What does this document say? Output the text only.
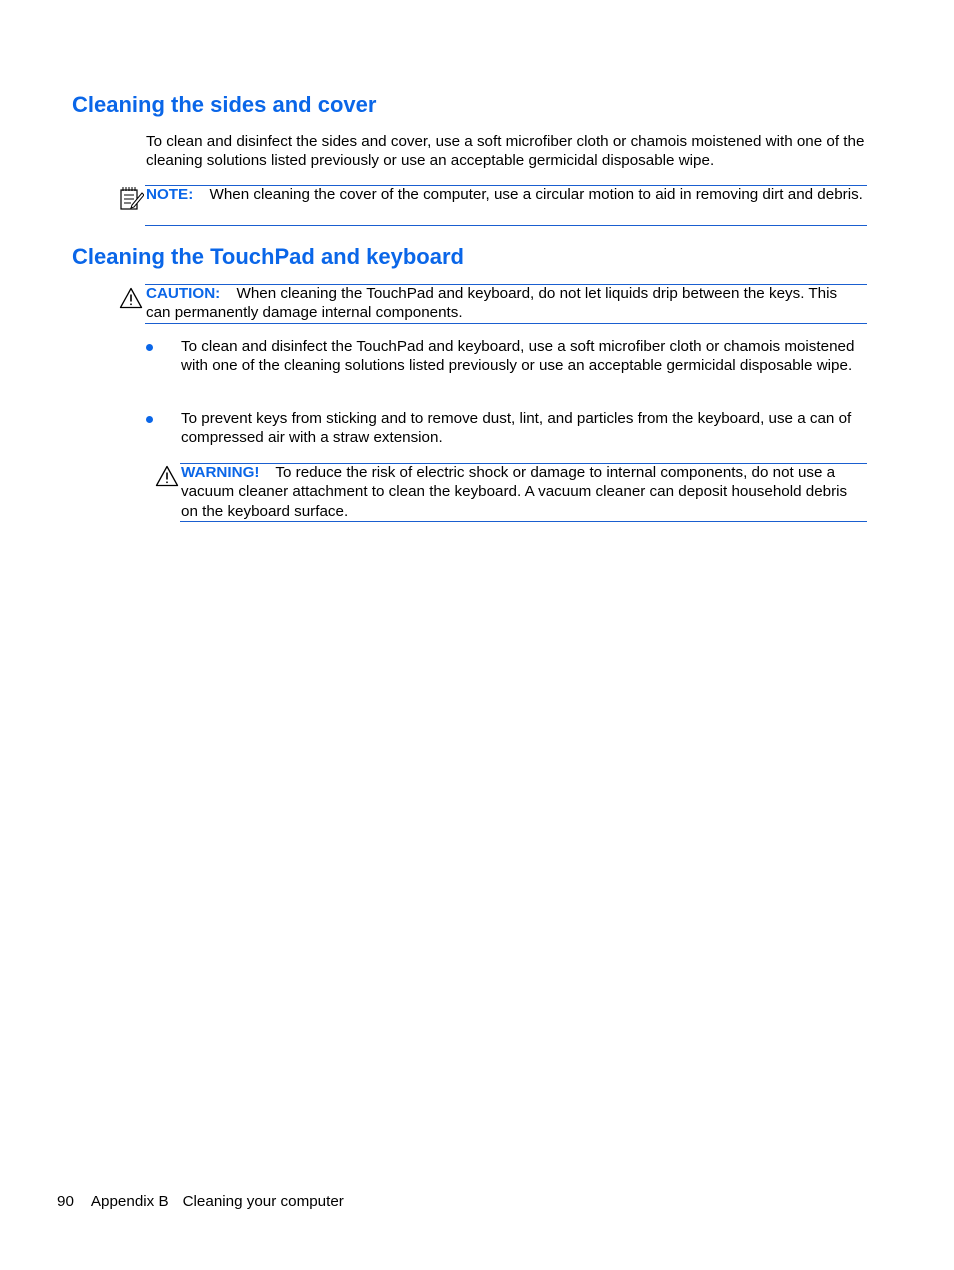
Cleaning the sides and cover
To clean and disinfect the sides and cover, use a soft microfiber cloth or chamois moistened with one of the cleaning solutions listed previously or use an acceptable germicidal disposable wipe.
NOTE: When cleaning the cover of the computer, use a circular motion to aid in removing dirt and debris.
Cleaning the TouchPad and keyboard
CAUTION: When cleaning the TouchPad and keyboard, do not let liquids drip between the keys. This can permanently damage internal components.
To clean and disinfect the TouchPad and keyboard, use a soft microfiber cloth or chamois moistened with one of the cleaning solutions listed previously or use an acceptable germicidal disposable wipe.
To prevent keys from sticking and to remove dust, lint, and particles from the keyboard, use a can of compressed air with a straw extension.
WARNING! To reduce the risk of electric shock or damage to internal components, do not use a vacuum cleaner attachment to clean the keyboard. A vacuum cleaner can deposit household debris on the keyboard surface.
90 Appendix B Cleaning your computer
